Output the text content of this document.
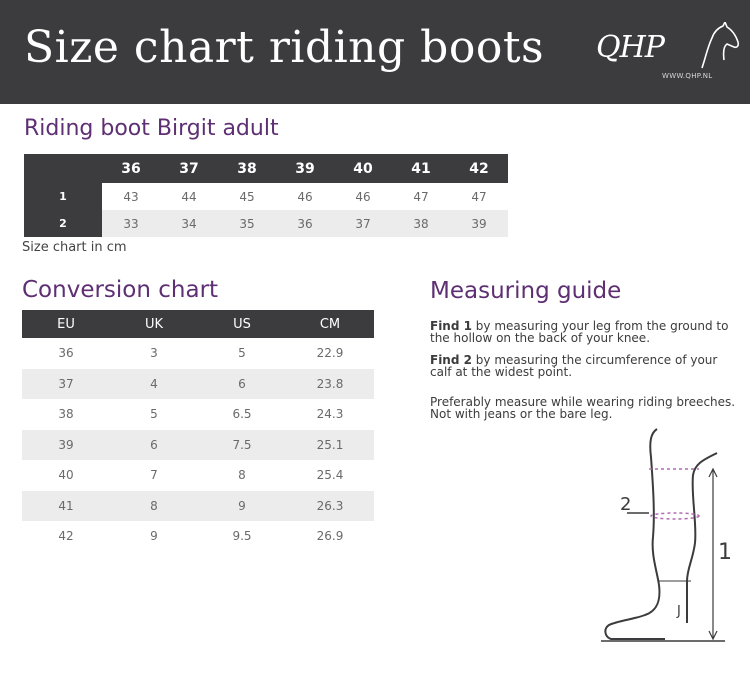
Size chart riding boots QHP
WWW.QHP.NL
Riding boot Birgit adult
	36	37	38	39	40	41	42
1	43	44	45	46	46	47	47
2	33	34	35	36	37	38	39
Size chart in cm
Conversion chart
EU	UK	US	CM
36	3	5	22.9
37	4	6	23.8
38	5	6.5	24.3
39	6	7.5	25.1
40	7	8	25.4
41	8	9	26.3
42	9	9.5	26.9
Measuring guide

Find 1 by measuring your leg from the ground to the hollow on the back of your knee.

Find 2 by measuring the circumference of your calf at the widest point.

Preferably measure while wearing riding breeches. Not with jeans or the bare leg.

J
1
2
